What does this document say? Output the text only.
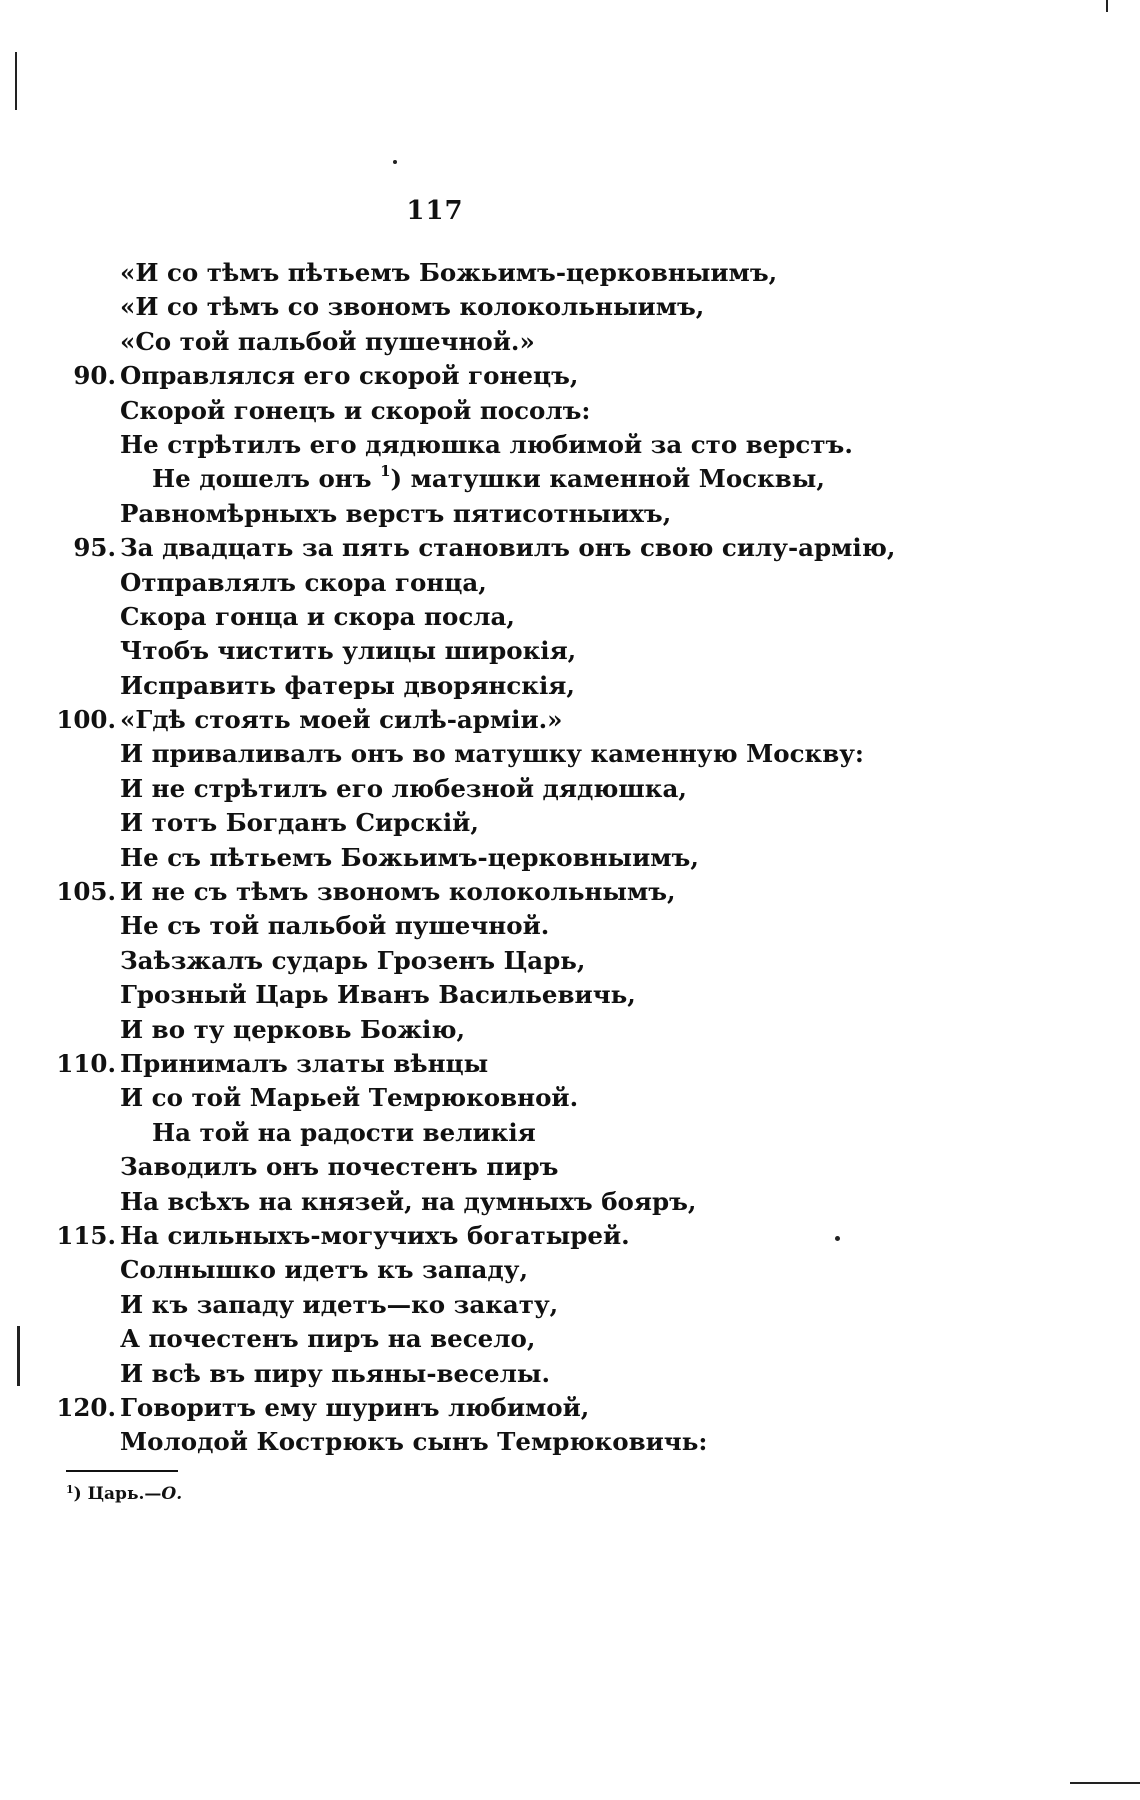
117
«И со тѣмъ пѣтьемъ Божьимъ-церковныимъ,
«И со тѣмъ со звономъ колокольныимъ,
«Со той пальбой пушечной.»
90. Оправлялся его скорой гонецъ,
Скорой гонецъ и скорой посолъ:
Не стрѣтилъ его дядюшка любимой за сто верстъ.
Не дошелъ онъ $^1$) матушки каменной Москвы,
Равномѣрныхъ верстъ пятисотныихъ,
95. За двадцать за пять становилъ онъ свою силу-армiю,
Отправлялъ скора гонца,
Скора гонца и скора посла,
Чтобъ чистить улицы широкiя,
Исправить фатеры дворянскiя,
100. «Гдѣ стоять моей силѣ-армiи.»
И приваливалъ онъ во матушку каменную Москву:
И не стрѣтилъ его любезной дядюшка,
И тотъ Богданъ Сирскiй,
Не съ пѣтьемъ Божьимъ-церковныимъ,
105. И не съ тѣмъ звономъ колокольнымъ,
Не съ той пальбой пушечной.
Заѣзжалъ сударь Грозенъ Царь,
Грозный Царь Иванъ Васильевичь,
И во ту церковь Божiю,
110. Принималъ златы вѣнцы
И со той Марьей Темрюковной.
На той на радости великiя
Заводилъ онъ почестенъ пиръ
На всѣхъ на князей, на думныхъ бояръ,
115. На сильныхъ-могучихъ богатырей.
Солнышко идетъ къ западу,
И къ западу идетъ—ко закату,
А почестенъ пиръ на весело,
И всѣ въ пиру пьяны-веселы.
120. Говоритъ ему шуринъ любимой,
Молодой Кострюкъ сынъ Темрюковичь:
$^1$) Царь.—О.
